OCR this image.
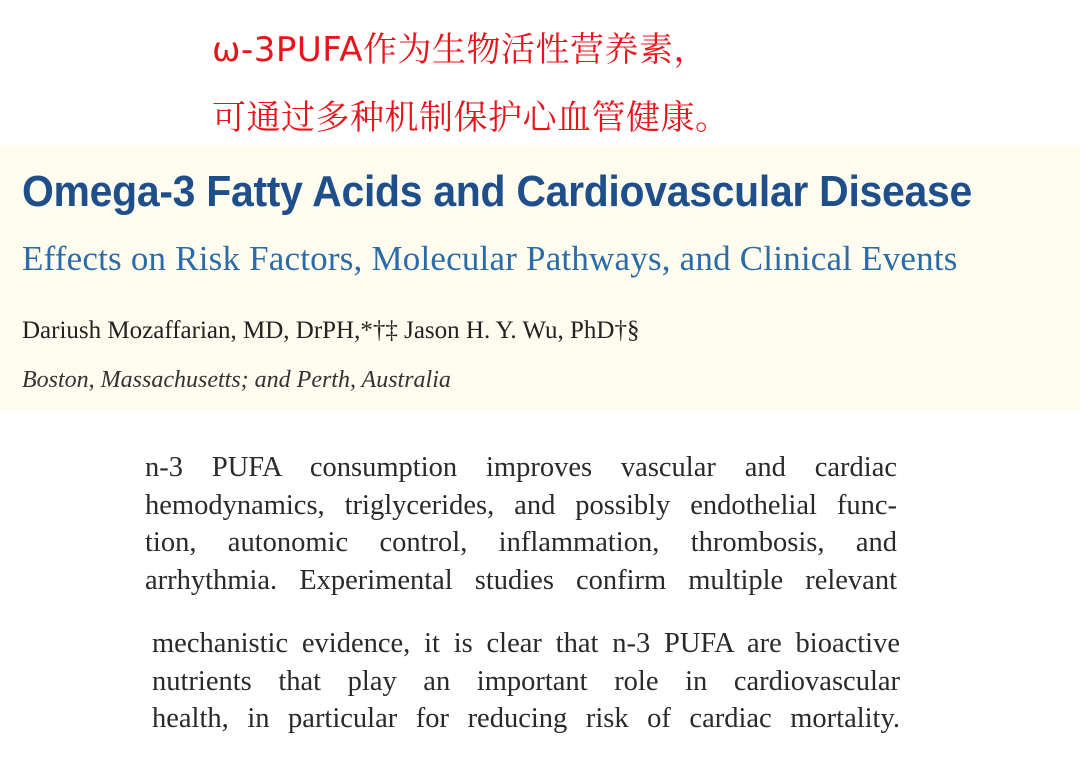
ω-3PUFA作为生物活性营养素，
可通过多种机制保护心血管健康。
Omega-3 Fatty Acids and Cardiovascular Disease
Effects on Risk Factors, Molecular Pathways, and Clinical Events
Dariush Mozaffarian, MD, DrPH,*†‡ Jason H. Y. Wu, PhD†§
Boston, Massachusetts; and Perth, Australia
n-3 PUFA consumption improves vascular and cardiac
hemodynamics, triglycerides, and possibly endothelial func-
tion, autonomic control, inflammation, thrombosis, and
arrhythmia. Experimental studies confirm multiple relevant
mechanistic evidence, it is clear that n-3 PUFA are bioactive
nutrients that play an important role in cardiovascular
health, in particular for reducing risk of cardiac mortality.
